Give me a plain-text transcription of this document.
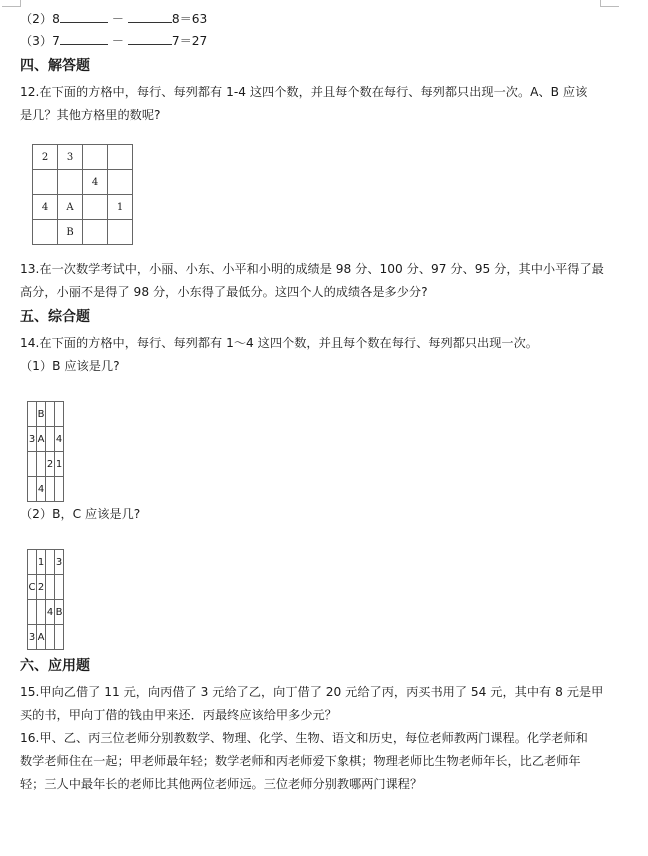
（2）8	－	8＝63
（3）7	－	7＝27
四、解答题
12.在下面的方格中，每行、每列都有 1-4 这四个数，并且每个数在每行、每列都只出现一次。A、B 应该
是几？其他方格里的数呢?
2	3		
		4	
4	A		1
	B		
13.在一次数学考试中，小丽、小东、小平和小明的成绩是 98 分、100 分、97 分、95 分，其中小平得了最
高分，小丽不是得了 98 分，小东得了最低分。这四个人的成绩各是多少分?
五、综合题
14.在下面的方格中，每行、每列都有 1～4 这四个数，并且每个数在每行、每列都只出现一次。
（1）B 应该是几?
	B		
3	A		4
		2	1
	4		
（2）B，C 应该是几?
	1		3
C	2		
		4	B
3	A		
六、应用题
15.甲向乙借了 11 元，向丙借了 3 元给了乙，向丁借了 20 元给了丙，丙买书用了 54 元，其中有 8 元是甲
买的书，甲向丁借的钱由甲来还．丙最终应该给甲多少元？
16.甲、乙、丙三位老师分别教数学、物理、化学、生物、语文和历史，每位老师教两门课程。化学老师和
数学老师住在一起；甲老师最年轻；数学老师和丙老师爱下象棋；物理老师比生物老师年长，比乙老师年
轻；三人中最年长的老师比其他两位老师远。三位老师分别教哪两门课程？
